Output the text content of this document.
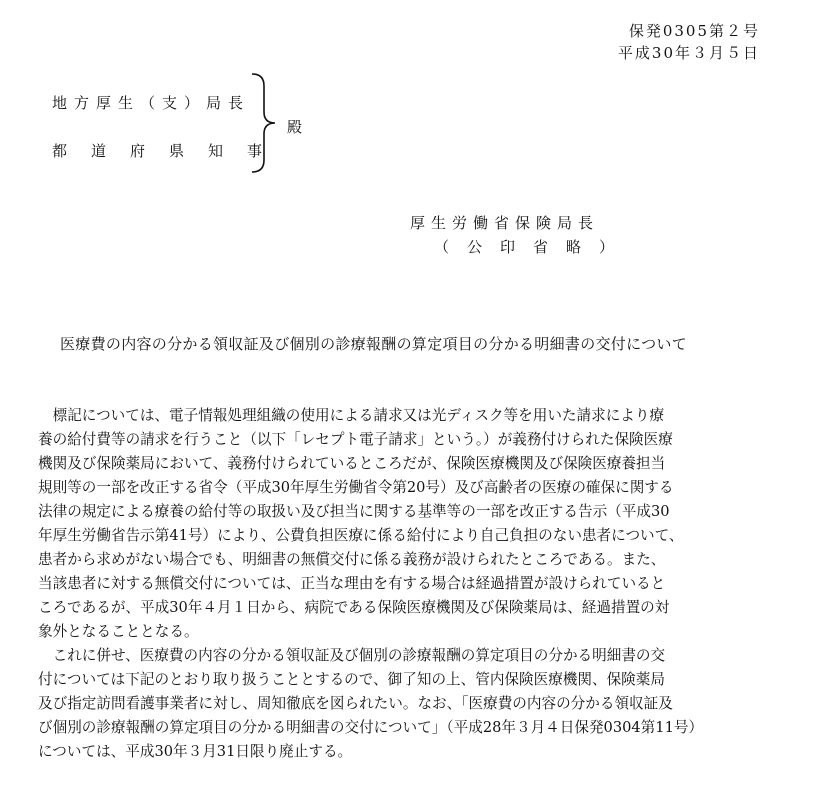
保発0305第２号
平成30年３月５日
地方厚生（支）局長
都道府県知事
殿
厚生労働省保険局長
（公印省略）
医療費の内容の分かる領収証及び個別の診療報酬の算定項目の分かる明細書の交付について

　標記については、電子情報処理組織の使用による請求又は光ディスク等を用いた請求により療

養の給付費等の請求を行うこと（以下「レセプト電子請求」という。）が義務付けられた保険医療

機関及び保険薬局において、義務付けられているところだが、保険医療機関及び保険医療養担当

規則等の一部を改正する省令（平成30年厚生労働省令第20号）及び高齢者の医療の確保に関する

法律の規定による療養の給付等の取扱い及び担当に関する基準等の一部を改正する告示（平成30

年厚生労働省告示第41号）により、公費負担医療に係る給付により自己負担のない患者について、

患者から求めがない場合でも、明細書の無償交付に係る義務が設けられたところである。また、

当該患者に対する無償交付については、正当な理由を有する場合は経過措置が設けられていると

ころであるが、平成30年４月１日から、病院である保険医療機関及び保険薬局は、経過措置の対

象外となることとなる。

　これに併せ、医療費の内容の分かる領収証及び個別の診療報酬の算定項目の分かる明細書の交

付については下記のとおり取り扱うこととするので、御了知の上、管内保険医療機関、保険薬局

及び指定訪問看護事業者に対し、周知徹底を図られたい。なお、「医療費の内容の分かる領収証及

び個別の診療報酬の算定項目の分かる明細書の交付について」（平成28年３月４日保発0304第11号）

については、平成30年３月31日限り廃止する。
